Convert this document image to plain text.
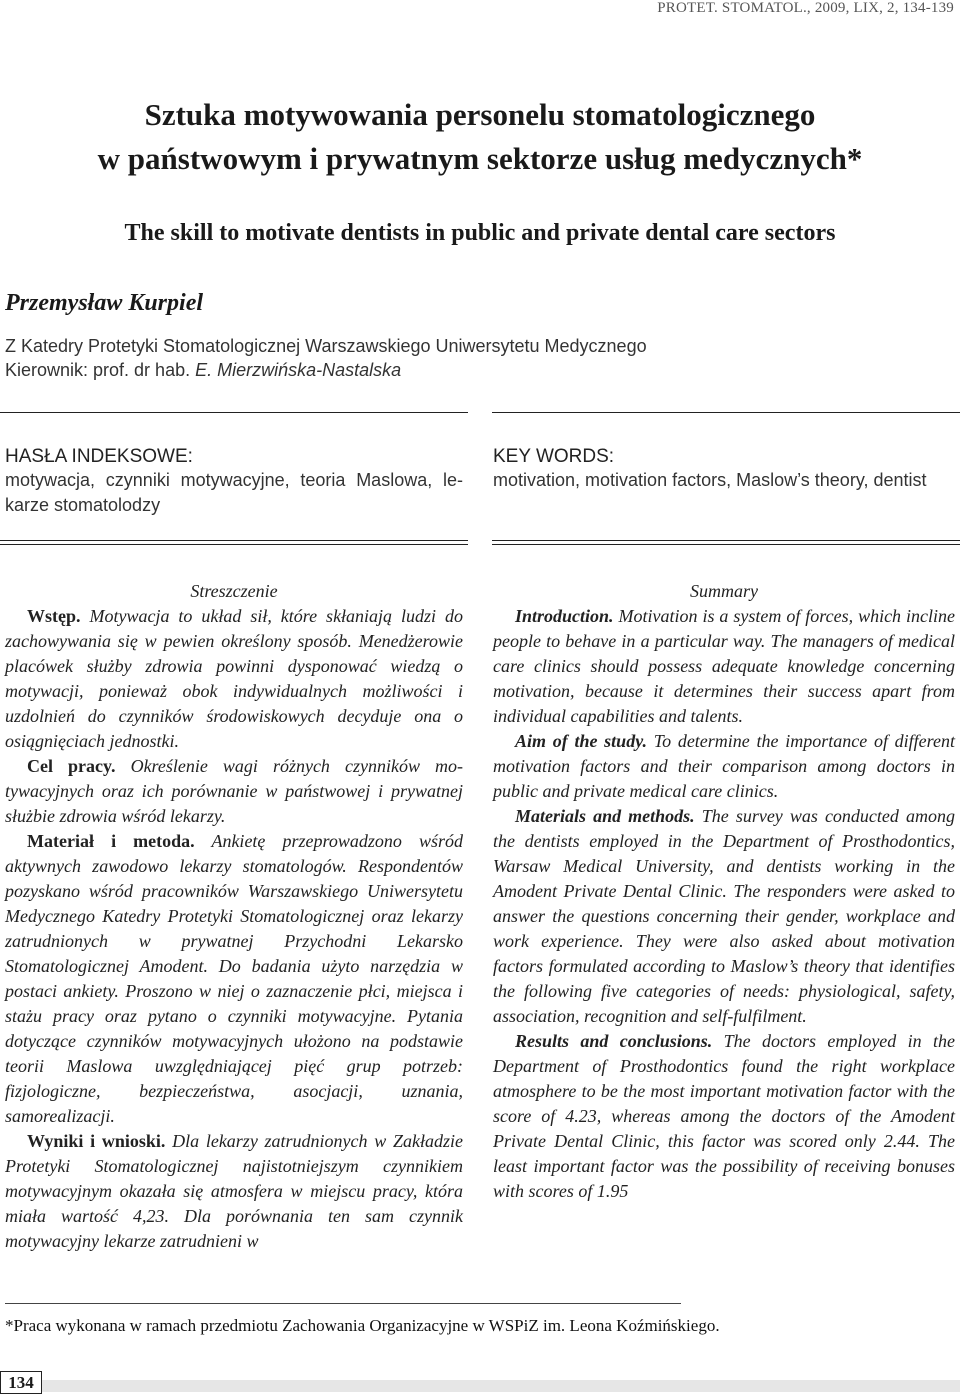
PROTET. STOMATOL., 2009, LIX, 2, 134-139
Sztuka motywowania personelu stomatologicznego
w państwowym i prywatnym sektorze usług medycznych*
The skill to motivate dentists in public and private dental care sectors
Przemysław Kurpiel
Z Katedry Protetyki Stomatologicznej Warszawskiego Uniwersytetu Medycznego
Kierownik: prof. dr hab. E. Mierzwińska-Nastalska
HASŁA INDEKSOWE:
motywacja, czynniki motywacyjne, teoria Maslowa, lekarze stomatolodzy
KEY WORDS:
motivation, motivation factors, Maslow’s theory, dentist
Streszczenie

Wstęp. Motywacja to układ sił, które skłaniają ludzi do zachowywania się w pewien określony sposób. Menedżerowie placówek służby zdrowia powinni dysponować wiedzą o motywacji, ponieważ obok indywidualnych możliwości i uzdolnień do czynników środowiskowych decyduje ona o osiągnięciach jednostki.

Cel pracy. Określenie wagi różnych czynników motywacyjnych oraz ich porównanie w państwowej i prywatnej służbie zdrowia wśród lekarzy.

Materiał i metoda. Ankietę przeprowadzono wśród aktywnych zawodowo lekarzy stomatologów. Respondentów pozyskano wśród pracowników Warszawskiego Uniwersytetu Medycznego Katedry Protetyki Stomatologicznej oraz lekarzy zatrudnionych w prywatnej Przychodni Lekarsko Stomatologicznej Amodent. Do badania użyto narzędzia w postaci ankiety. Proszono w niej o zaznaczenie płci, miejsca i stażu pracy oraz pytano o czynniki motywacyjne. Pytania dotyczące czynników motywacyjnych ułożono na podstawie teorii Maslowa uwzględniającej pięć grup potrzeb: fizjologiczne, bezpieczeństwa, asocjacji, uznania, samorealizacji.

Wyniki i wnioski. Dla lekarzy zatrudnionych w Zakładzie Protetyki Stomatologicznej najistotniejszym czynnikiem motywacyjnym okazała się atmosfera w miejscu pracy, która miała wartość 4,23. Dla porównania ten sam czynnik motywacyjny lekarze zatrudnieni w

Summary

Introduction. Motivation is a system of forces, which incline people to behave in a particular way. The managers of medical care clinics should possess adequate knowledge concerning motivation, because it determines their success apart from individual capabilities and talents.

Aim of the study. To determine the importance of different motivation factors and their comparison among doctors in public and private medical care clinics.

Materials and methods. The survey was conducted among the dentists employed in the Department of Prosthodontics, Warsaw Medical University, and dentists working in the Amodent Private Dental Clinic. The responders were asked to answer the questions concerning their gender, workplace and work experience. They were also asked about motivation factors formulated according to Maslow’s theory that identifies the following five categories of needs: physiological, safety, association, recognition and self-fulfilment.

Results and conclusions. The doctors employed in the Department of Prosthodontics found the right workplace atmosphere to be the most important motivation factor with the score of 4.23, whereas among the doctors of the Amodent Private Dental Clinic, this factor was scored only 2.44. The least important factor was the possibility of receiving bonuses with scores of 1.95

*Praca wykonana w ramach przedmiotu Zachowania Organizacyjne w WSPiZ im. Leona Koźmińskiego.
134
